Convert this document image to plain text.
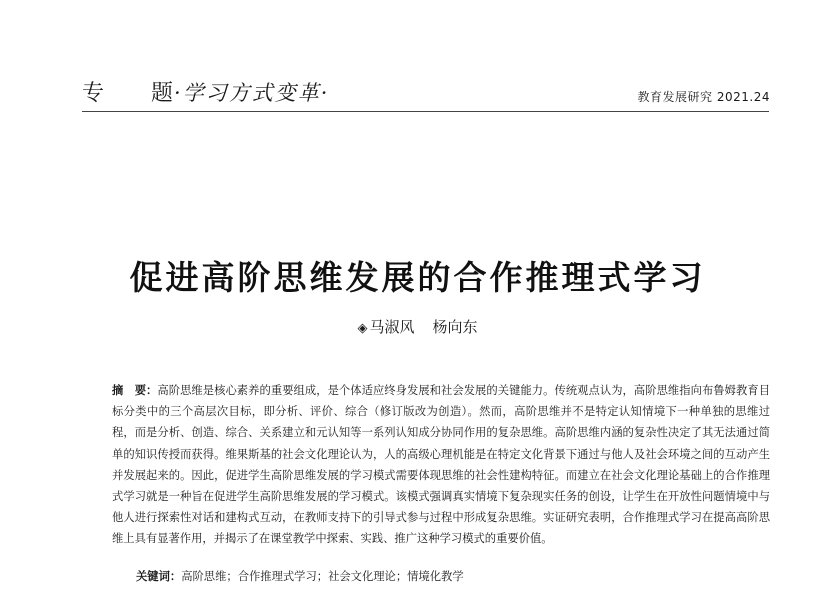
专 题·学习方式变革·	教育发展研究 2021.24
促进高阶思维发展的合作推理式学习
◈ 马淑风 杨向东
摘　要：高阶思维是核心素养的重要组成，是个体适应终身发展和社会发展的关键能力。传统观点认为，高阶思维指向布鲁姆教育目标分类中的三个高层次目标，即分析、评价、综合（修订版改为创造）。然而，高阶思维并不是特定认知情境下一种单独的思维过程，而是分析、创造、综合、关系建立和元认知等一系列认知成分协同作用的复杂思维。高阶思维内涵的复杂性决定了其无法通过简单的知识传授而获得。维果斯基的社会文化理论认为，人的高级心理机能是在特定文化背景下通过与他人及社会环境之间的互动产生并发展起来的。因此，促进学生高阶思维发展的学习模式需要体现思维的社会性建构特征。而建立在社会文化理论基础上的合作推理式学习就是一种旨在促进学生高阶思维发展的学习模式。该模式强调真实情境下复杂现实任务的创设，让学生在开放性问题情境中与他人进行探索性对话和建构式互动，在教师支持下的引导式参与过程中形成复杂思维。实证研究表明，合作推理式学习在提高高阶思维上具有显著作用，并揭示了在课堂教学中探索、实践、推广这种学习模式的重要价值。
关键词：高阶思维；合作推理式学习；社会文化理论；情境化教学
